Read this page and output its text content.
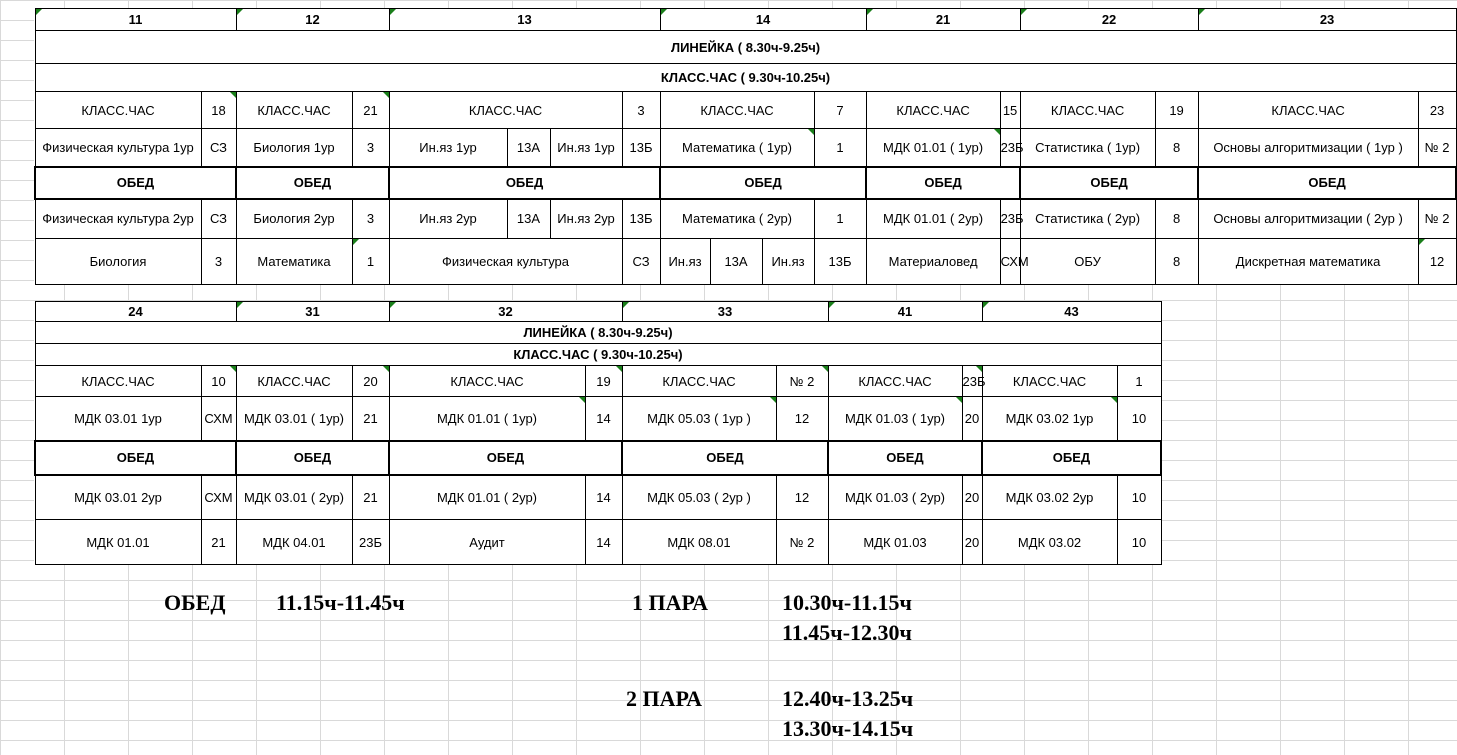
11		12		13				14				21		22		23	
ЛИНЕЙКА ( 8.30ч-9.25ч)																	
КЛАСС.ЧАС ( 9.30ч-10.25ч)																	
КЛАСС.ЧАС	18	КЛАСС.ЧАС	21	КЛАСС.ЧАС			3	КЛАСС.ЧАС			7	КЛАСС.ЧАС	15	КЛАСС.ЧАС	19	КЛАСС.ЧАС	23
Физическая культура 1ур	СЗ	Биология 1ур	3	Ин.яз 1ур	13А	Ин.яз 1ур	13Б	Математика ( 1ур)			1	МДК 01.01 ( 1ур)	23Б	Статистика ( 1ур)	8	Основы алгоритмизации ( 1ур )	№ 2
ОБЕД		ОБЕД		ОБЕД				ОБЕД				ОБЕД		ОБЕД		ОБЕД	
Физическая культура 2ур	СЗ	Биология 2ур	3	Ин.яз 2ур	13А	Ин.яз 2ур	13Б	Математика ( 2ур)			1	МДК 01.01 ( 2ур)	23Б	Статистика ( 2ур)	8	Основы алгоритмизации ( 2ур )	№ 2
Биология	3	Математика	1	Физическая культура			СЗ	Ин.яз	13А	Ин.яз	13Б	Материаловед	СХМ	ОБУ	8	Дискретная математика	12
24		31		32		33		41		43	
ЛИНЕЙКА ( 8.30ч-9.25ч)											
КЛАСС.ЧАС ( 9.30ч-10.25ч)											
КЛАСС.ЧАС	10	КЛАСС.ЧАС	20	КЛАСС.ЧАС	19	КЛАСС.ЧАС	№ 2	КЛАСС.ЧАС	23Б	КЛАСС.ЧАС	1
МДК 03.01 1ур	СХМ	МДК 03.01 ( 1ур)	21	МДК 01.01 ( 1ур)	14	МДК 05.03 ( 1ур )	12	МДК 01.03 ( 1ур)	20	МДК 03.02 1ур	10
ОБЕД		ОБЕД		ОБЕД		ОБЕД		ОБЕД		ОБЕД	
МДК 03.01 2ур	СХМ	МДК 03.01 ( 2ур)	21	МДК 01.01 ( 2ур)	14	МДК 05.03 ( 2ур )	12	МДК 01.03 ( 2ур)	20	МДК 03.02 2ур	10
МДК 01.01	21	МДК 04.01	23Б	Аудит	14	МДК 08.01	№ 2	МДК 01.03	20	МДК 03.02	10
ОБЕД 11.15ч-11.45ч	1 ПАРА	10.30ч-11.15ч
11.45ч-12.30ч
2 ПАРА	12.40ч-13.25ч
13.30ч-14.15ч
